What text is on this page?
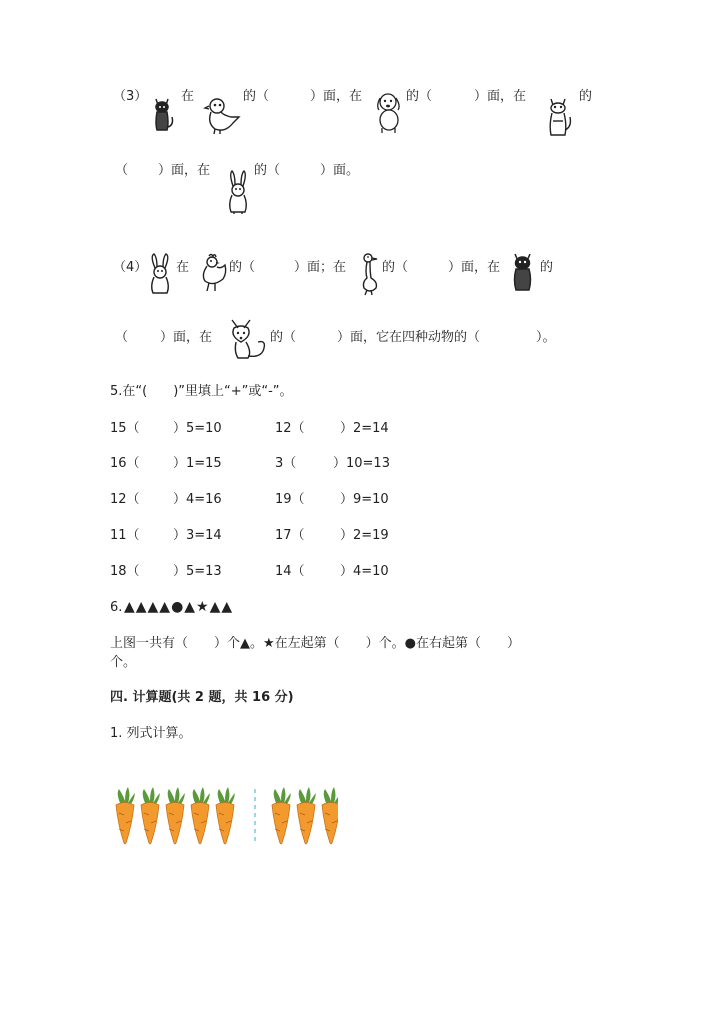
（3）	在	的（	）面，在	的（	）面，在	的
（ ）面，在	的（	）面。
（4） 在	的（	）面；在	的（	）面，在	的
（ ）面，在	的（	）面，它在四种动物的（	）。
5.在“(　　)”里填上“+”或“-”。
15（	）5=10	12（	）2=14
16（	）1=15	3（	）10=13
12（	）4=16	19（	）9=10
11（	）3=14	17（	）2=19
18（	）5=13	14（	）4=10
6. ▲▲▲▲●▲★▲▲
上图一共有（　　）个▲。★在左起第（　　）个。●在右起第（　　）
个。
四. 计算题(共 2 题，共 16 分)
1. 列式计算。
